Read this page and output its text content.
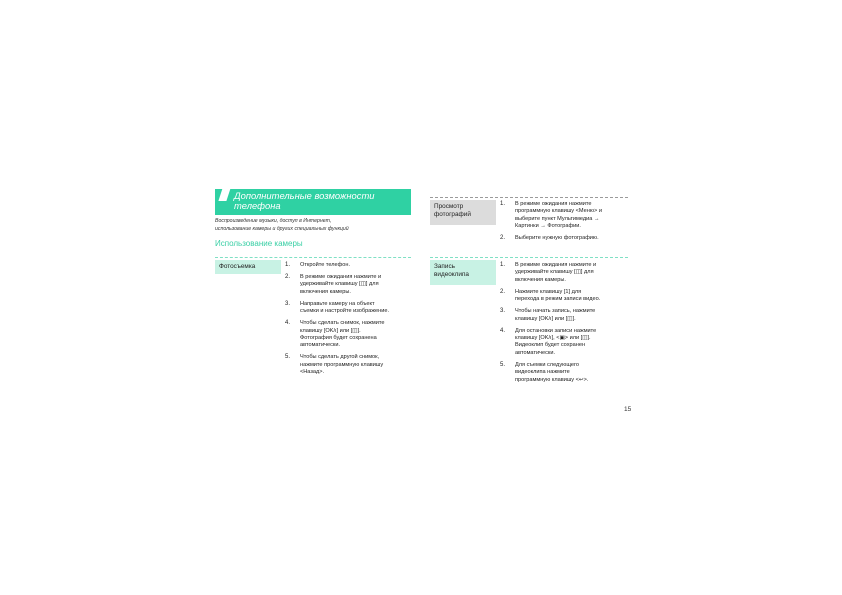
Дополнительные возможности
телефона
Воспроизведение музыки, доступ в Интернет,
использование камеры и других специальных функций
Использование камеры
Фотосъемка	1. Откройте телефон.
2. В режиме ожидания нажмите и
удерживайте клавишу [◫] для
включения камеры.
3. Направьте камеру на объект
съемки и настройте изображение.
4. Чтобы сделать снимок, нажмите
клавишу [OK/ı] или [◫].
Фотография будет сохранена
автоматически.
5. Чтобы сделать другой снимок,
нажмите программную клавишу
<Назад>.
Просмотр
фотографий
1. В режиме ожидания нажмите
программную клавишу <Меню> и
выберите пункт Мультимедиа →
Картинки → Фотографии.
2. Выберите нужную фотографию.
Запись
видеоклипа
1. В режиме ожидания нажмите и
удерживайте клавишу [◫] для
включения камеры.
2. Нажмите клавишу [1] для
перехода в режим записи видео.
3. Чтобы начать запись, нажмите
клавишу [OK/ı] или [◫].
4. Для остановки записи нажмите
клавишу [OK/ı], <▣> или [◫].
Видеоклип будет сохранен
автоматически.
5. Для съемки следующего
видеоклипа нажмите
программную клавишу <↩>.
15
